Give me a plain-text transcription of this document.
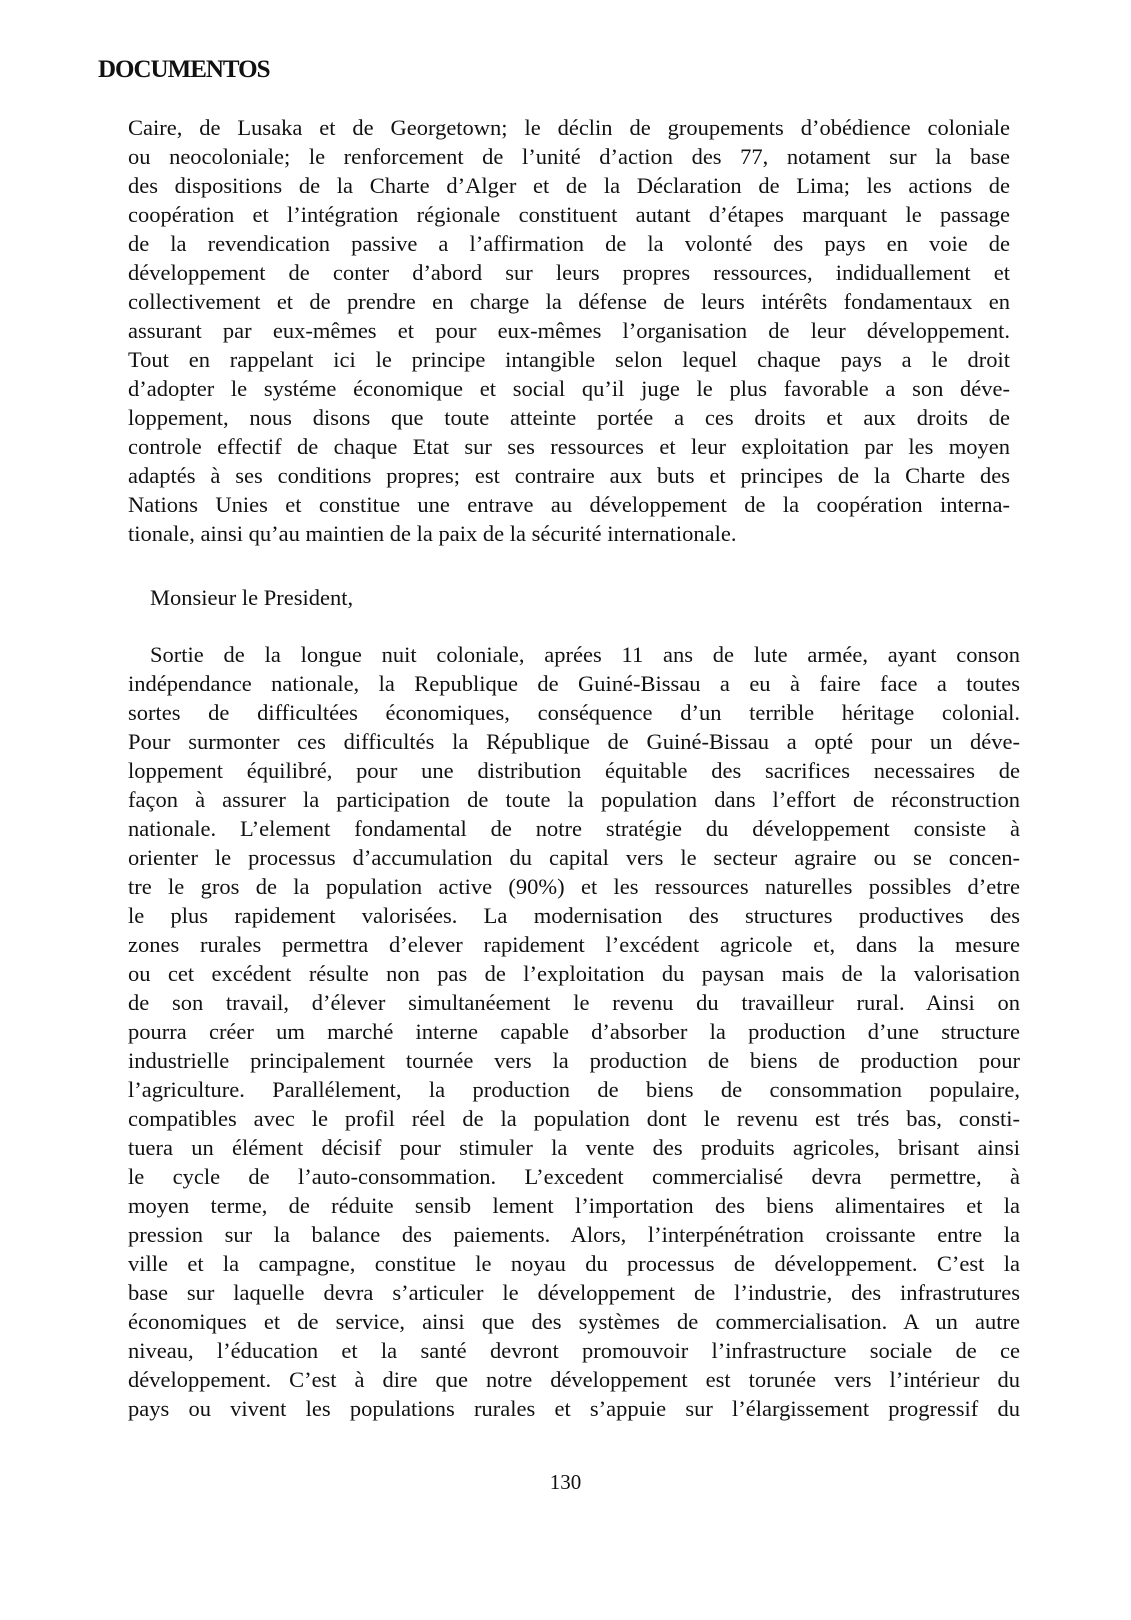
DOCUMENTOS
Caire, de Lusaka et de Georgetown; le déclin de groupements d’obédience coloniale
ou neocoloniale; le renforcement de l’unité d’action des 77, notament sur la base
des dispositions de la Charte d’Alger et de la Déclaration de Lima; les actions de
coopération et l’intégration régionale constituent autant d’étapes marquant le passage
de la revendication passive a l’affirmation de la volonté des pays en voie de
développement de conter d’abord sur leurs propres ressources, indiduallement et
collectivement et de prendre en charge la défense de leurs intérêts fondamentaux en
assurant par eux-mêmes et pour eux-mêmes l’organisation de leur développement.
Tout en rappelant ici le principe intangible selon lequel chaque pays a le droit
d’adopter le systéme économique et social qu’il juge le plus favorable a son déve-
loppement, nous disons que toute atteinte portée a ces droits et aux droits de
controle effectif de chaque Etat sur ses ressources et leur exploitation par les moyen
adaptés à ses conditions propres; est contraire aux buts et principes de la Charte des
Nations Unies et constitue une entrave au développement de la coopération interna-
tionale, ainsi qu’au maintien de la paix de la sécurité internationale.
Monsieur le President,
Sortie de la longue nuit coloniale, aprées 11 ans de lute armée, ayant conson
indépendance nationale, la Republique de Guiné-Bissau a eu à faire face a toutes
sortes de difficultées économiques, conséquence d’un terrible héritage colonial.
Pour surmonter ces difficultés la République de Guiné-Bissau a opté pour un déve-
loppement équilibré, pour une distribution équitable des sacrifices necessaires de
façon à assurer la participation de toute la population dans l’effort de réconstruction
nationale. L’element fondamental de notre stratégie du développement consiste à
orienter le processus d’accumulation du capital vers le secteur agraire ou se concen-
tre le gros de la population active (90%) et les ressources naturelles possibles d’etre
le plus rapidement valorisées. La modernisation des structures productives des
zones rurales permettra d’elever rapidement l’excédent agricole et, dans la mesure
ou cet excédent résulte non pas de l’exploitation du paysan mais de la valorisation
de son travail, d’élever simultanéement le revenu du travailleur rural. Ainsi on
pourra créer um marché interne capable d’absorber la production d’une structure
industrielle principalement tournée vers la production de biens de production pour
l’agriculture. Parallélement, la production de biens de consommation populaire,
compatibles avec le profil réel de la population dont le revenu est trés bas, consti-
tuera un élément décisif pour stimuler la vente des produits agricoles, brisant ainsi
le cycle de l’auto-consommation. L’excedent commercialisé devra permettre, à
moyen terme, de réduite sensib lement l’importation des biens alimentaires et la
pression sur la balance des paiements. Alors, l’interpénétration croissante entre la
ville et la campagne, constitue le noyau du processus de développement. C’est la
base sur laquelle devra s’articuler le développement de l’industrie, des infrastrutures
économiques et de service, ainsi que des systèmes de commercialisation. A un autre
niveau, l’éducation et la santé devront promouvoir l’infrastructure sociale de ce
développement. C’est à dire que notre développement est torunée vers l’intérieur du
pays ou vivent les populations rurales et s’appuie sur l’élargissement progressif du
130
